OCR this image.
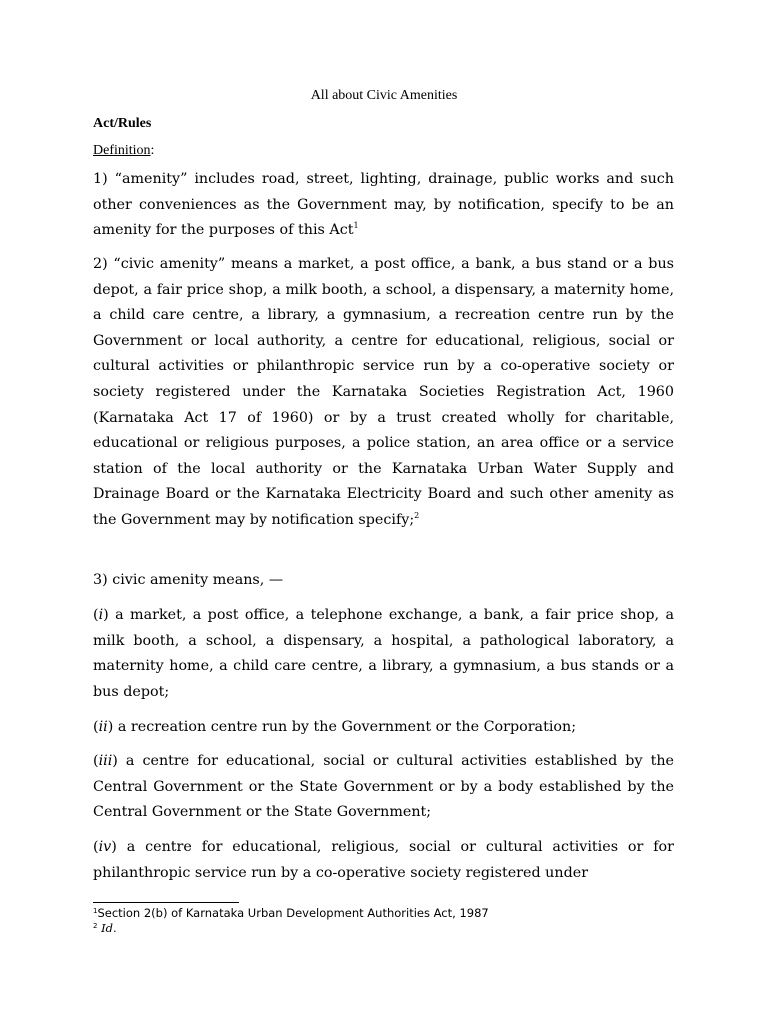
All about Civic Amenities
Act/Rules
Definition:

1) “amenity” includes road, street, lighting, drainage, public works and such other conveniences as the Government may, by notification, specify to be an amenity for the purposes of this Act$^1$

2) “civic amenity” means a market, a post office, a bank, a bus stand or a bus depot, a fair price shop, a milk booth, a school, a dispensary, a maternity home, a child care centre, a library, a gymnasium, a recreation centre run by the Government or local authority, a centre for educational, religious, social or cultural activities or philanthropic service run by a co-operative society or society registered under the Karnataka Societies Registration Act, 1960 (Karnataka Act 17 of 1960) or by a trust created wholly for charitable, educational or religious purposes, a police station, an area office or a service station of the local authority or the Karnataka Urban Water Supply and Drainage Board or the Karnataka Electricity Board and such other amenity as the Government may by notification specify;$^2$

3) civic amenity means, —

(i) a market, a post office, a telephone exchange, a bank, a fair price shop, a milk booth, a school, a dispensary, a hospital, a pathological laboratory, a maternity home, a child care centre, a library, a gymnasium, a bus stands or a bus depot;

(ii) a recreation centre run by the Government or the Corporation;

(iii) a centre for educational, social or cultural activities established by the Central Government or the State Government or by a body established by the Central Government or the State Government;

(iv) a centre for educational, religious, social or cultural activities or for philanthropic service run by a co-operative society registered under

$^1$Section 2(b) of Karnataka Urban Development Authorities Act, 1987
$^2$ Id.
